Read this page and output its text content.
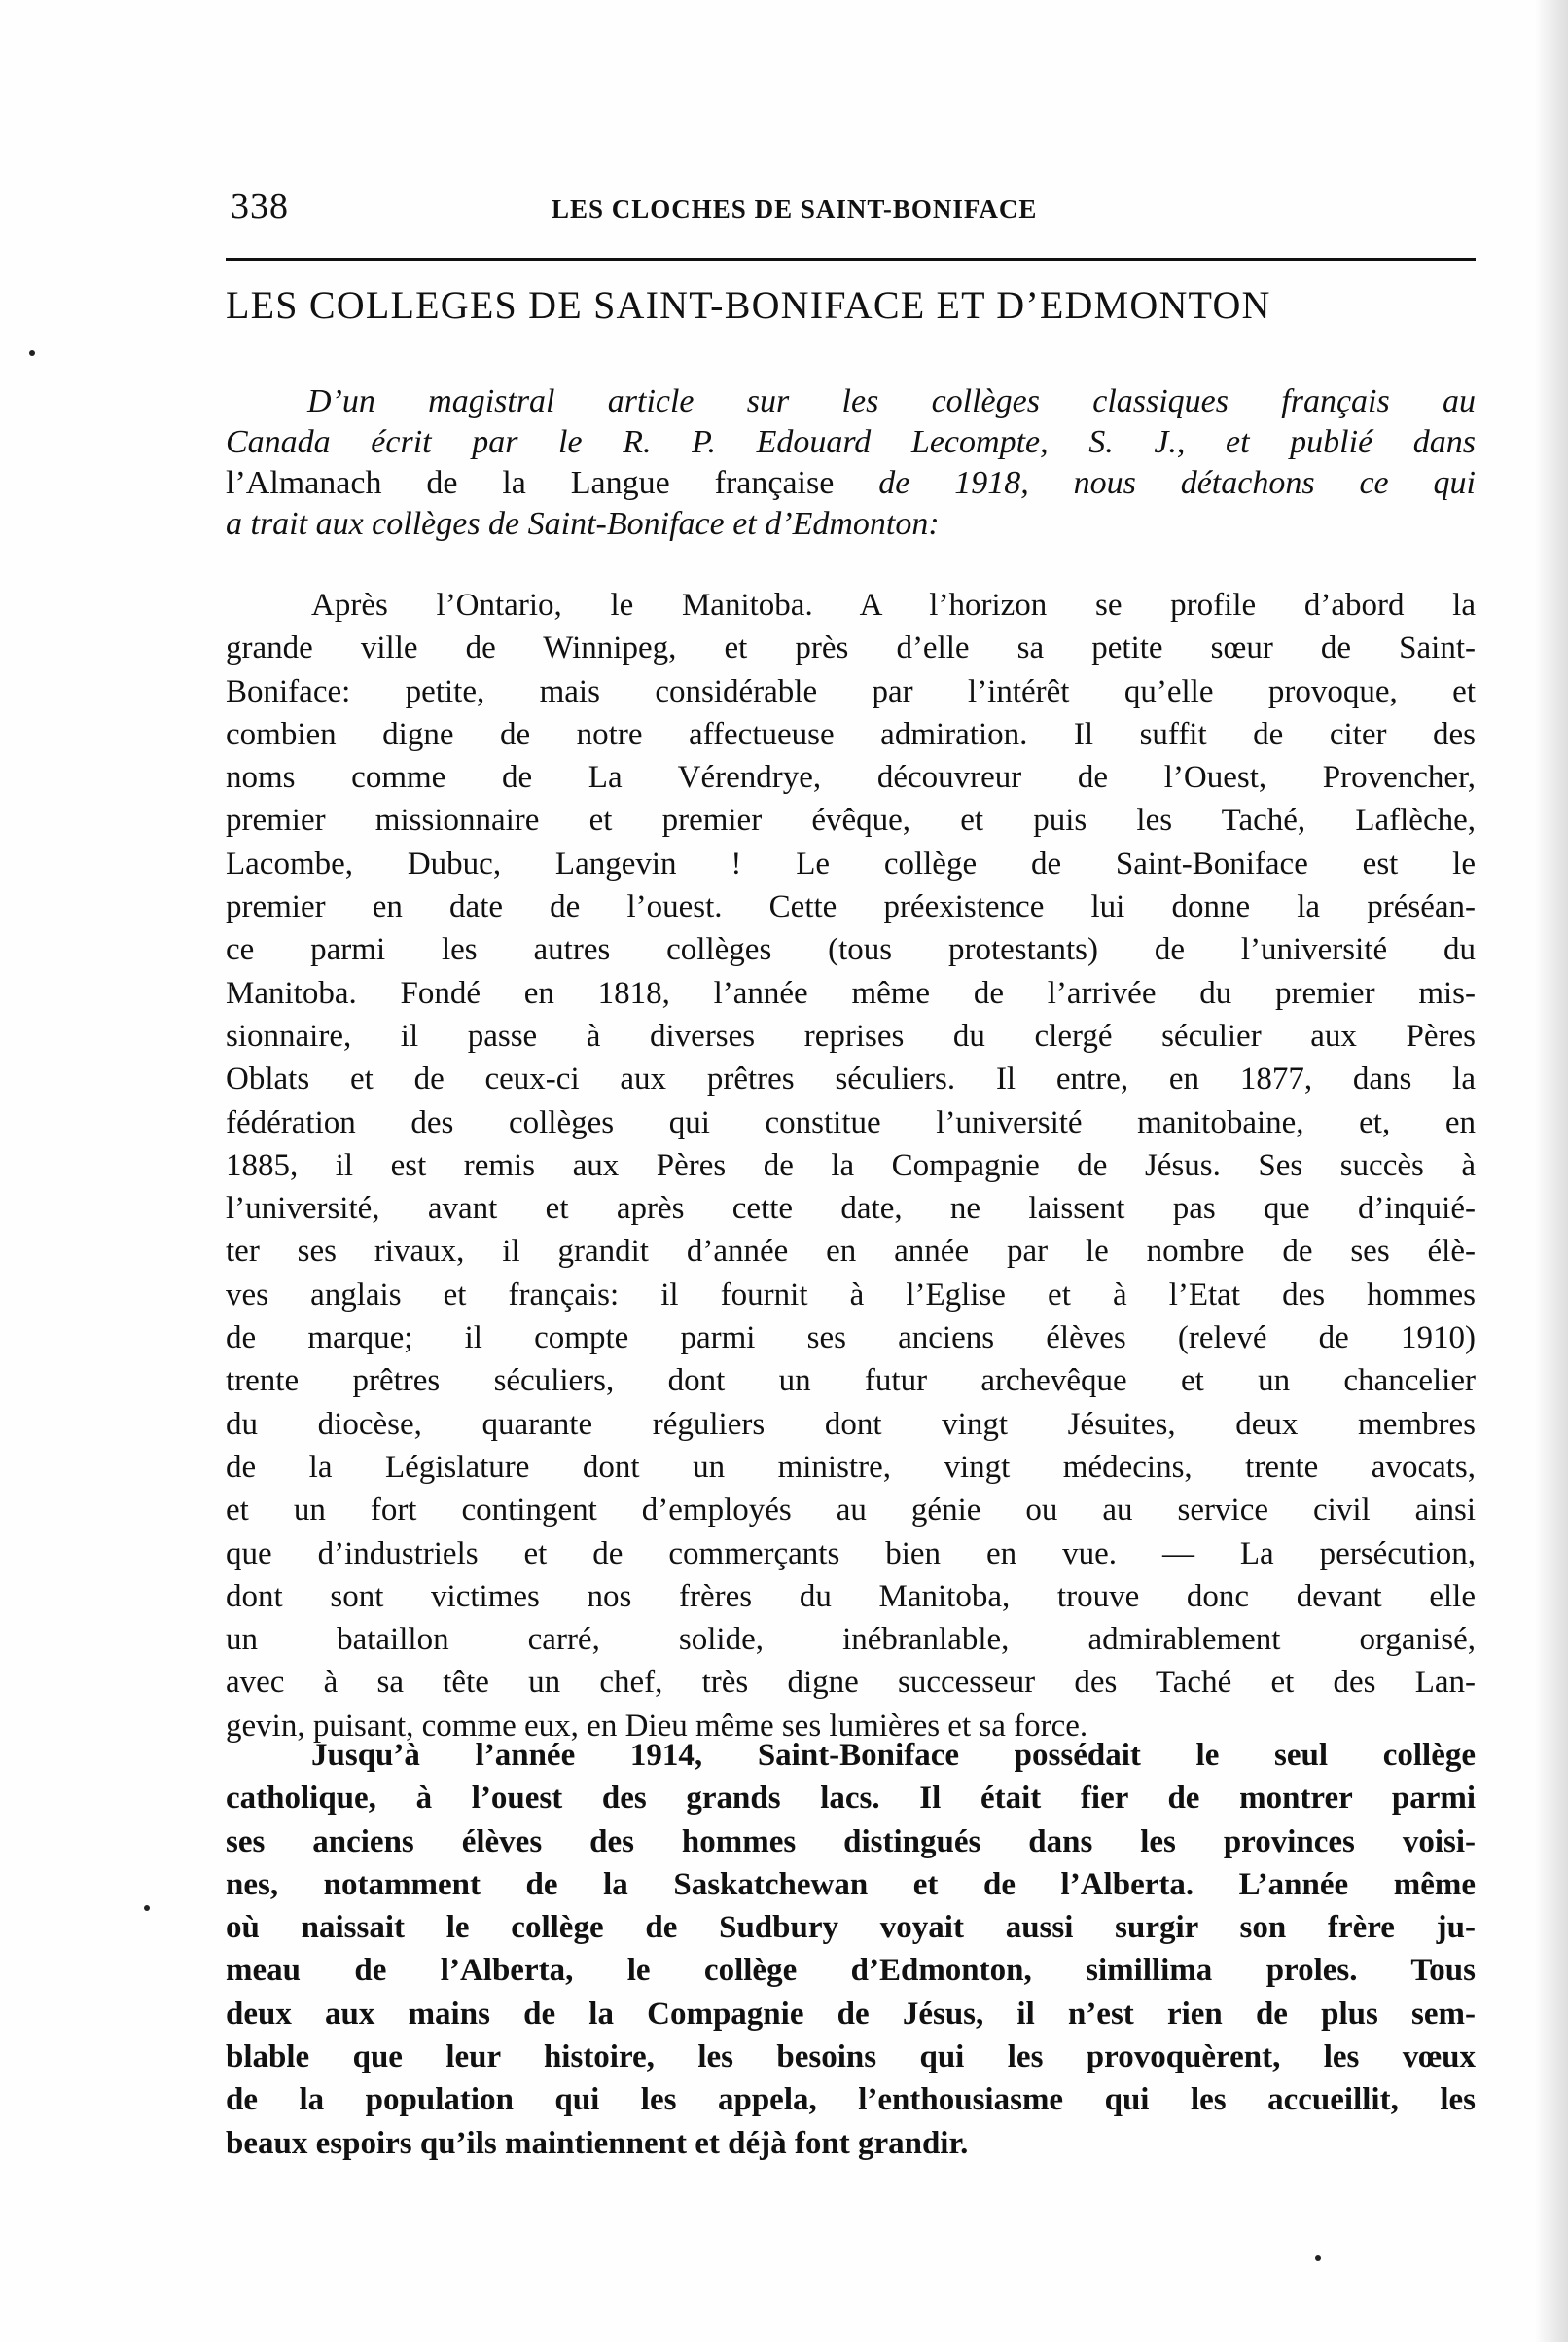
338	LES CLOCHES DE SAINT-BONIFACE
LES COLLEGES DE SAINT-BONIFACE ET D’EDMONTON
D’un magistral article sur les collèges classiques français au
Canada écrit par le R. P. Edouard Lecompte, S. J., et publié dans
l’Almanach de la Langue française de 1918, nous détachons ce qui
a trait aux collèges de Saint-Boniface et d’Edmonton:
Après l’Ontario, le Manitoba. A l’horizon se profile d’abord la
grande ville de Winnipeg, et près d’elle sa petite sœur de Saint-
Boniface: petite, mais considérable par l’intérêt qu’elle provoque, et
combien digne de notre affectueuse admiration. Il suffit de citer des
noms comme de La Vérendrye, découvreur de l’Ouest, Provencher,
premier missionnaire et premier évêque, et puis les Taché, Laflèche,
Lacombe, Dubuc, Langevin ! Le collège de Saint-Boniface est le
premier en date de l’ouest. Cette préexistence lui donne la préséan-
ce parmi les autres collèges (tous protestants) de l’université du
Manitoba. Fondé en 1818, l’année même de l’arrivée du premier mis-
sionnaire, il passe à diverses reprises du clergé séculier aux Pères
Oblats et de ceux-ci aux prêtres séculiers. Il entre, en 1877, dans la
fédération des collèges qui constitue l’université manitobaine, et, en
1885, il est remis aux Pères de la Compagnie de Jésus. Ses succès à
l’université, avant et après cette date, ne laissent pas que d’inquié-
ter ses rivaux, il grandit d’année en année par le nombre de ses élè-
ves anglais et français: il fournit à l’Eglise et à l’Etat des hommes
de marque; il compte parmi ses anciens élèves (relevé de 1910)
trente prêtres séculiers, dont un futur archevêque et un chancelier
du diocèse, quarante réguliers dont vingt Jésuites, deux membres
de la Législature dont un ministre, vingt médecins, trente avocats,
et un fort contingent d’employés au génie ou au service civil ainsi
que d’industriels et de commerçants bien en vue. — La persécution,
dont sont victimes nos frères du Manitoba, trouve donc devant elle
un bataillon carré, solide, inébranlable, admirablement organisé,
avec à sa tête un chef, très digne successeur des Taché et des Lan-
gevin, puisant, comme eux, en Dieu même ses lumières et sa force.
Jusqu’à l’année 1914, Saint-Boniface possédait le seul collège
catholique, à l’ouest des grands lacs. Il était fier de montrer parmi
ses anciens élèves des hommes distingués dans les provinces voisi-
nes, notamment de la Saskatchewan et de l’Alberta. L’année même
où naissait le collège de Sudbury voyait aussi surgir son frère ju-
meau de l’Alberta, le collège d’Edmonton, simillima proles. Tous
deux aux mains de la Compagnie de Jésus, il n’est rien de plus sem-
blable que leur histoire, les besoins qui les provoquèrent, les vœux
de la population qui les appela, l’enthousiasme qui les accueillit, les
beaux espoirs qu’ils maintiennent et déjà font grandir.
